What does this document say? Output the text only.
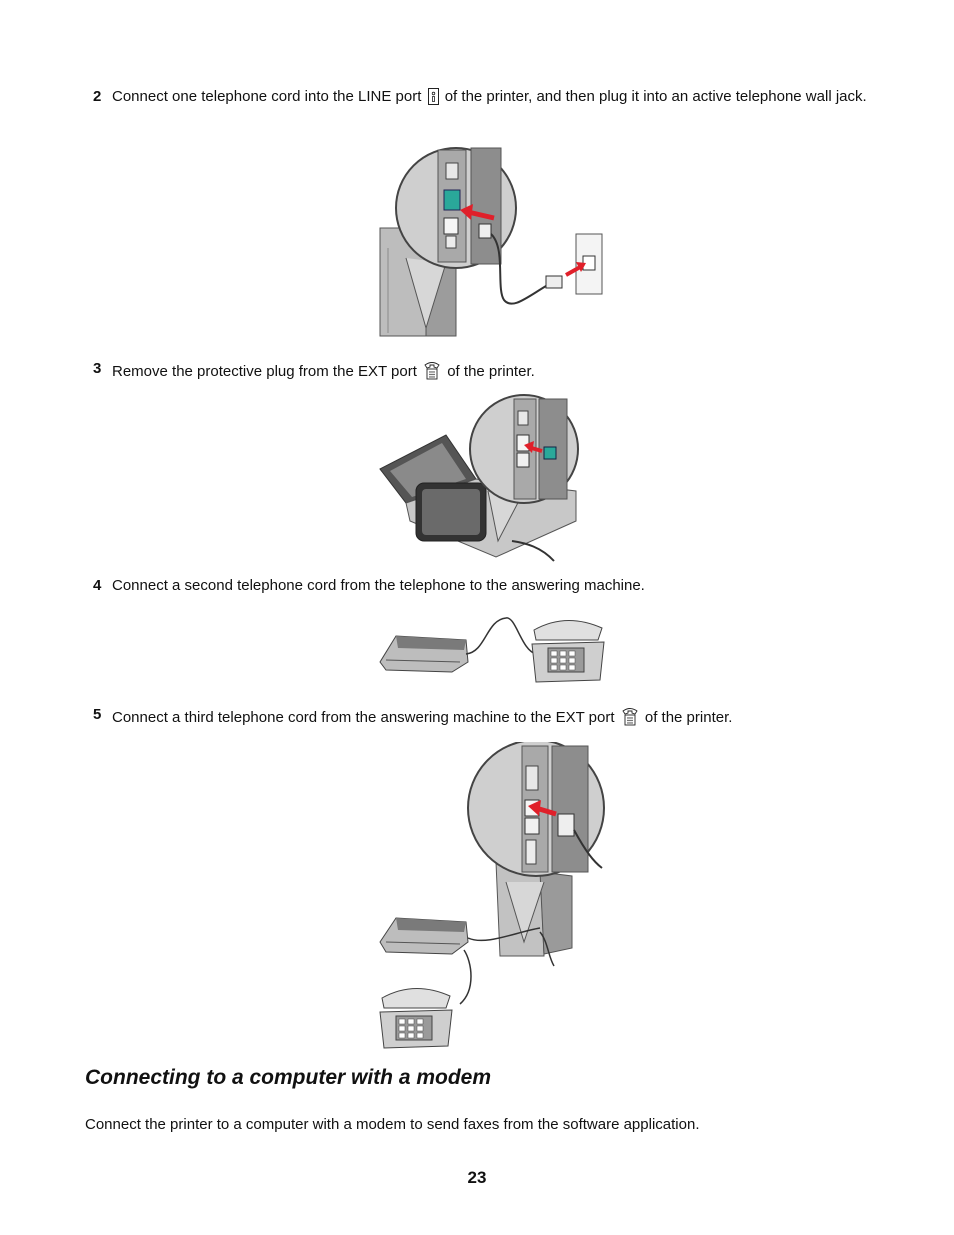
2 Connect one telephone cord into the LINE port of the printer, and then plug it into an active telephone wall jack.
3 Remove the protective plug from the EXT port of the printer.
4 Connect a second telephone cord from the telephone to the answering machine.
5 Connect a third telephone cord from the answering machine to the EXT port of the printer.
Connecting to a computer with a modem

Connect the printer to a computer with a modem to send faxes from the software application.

23
